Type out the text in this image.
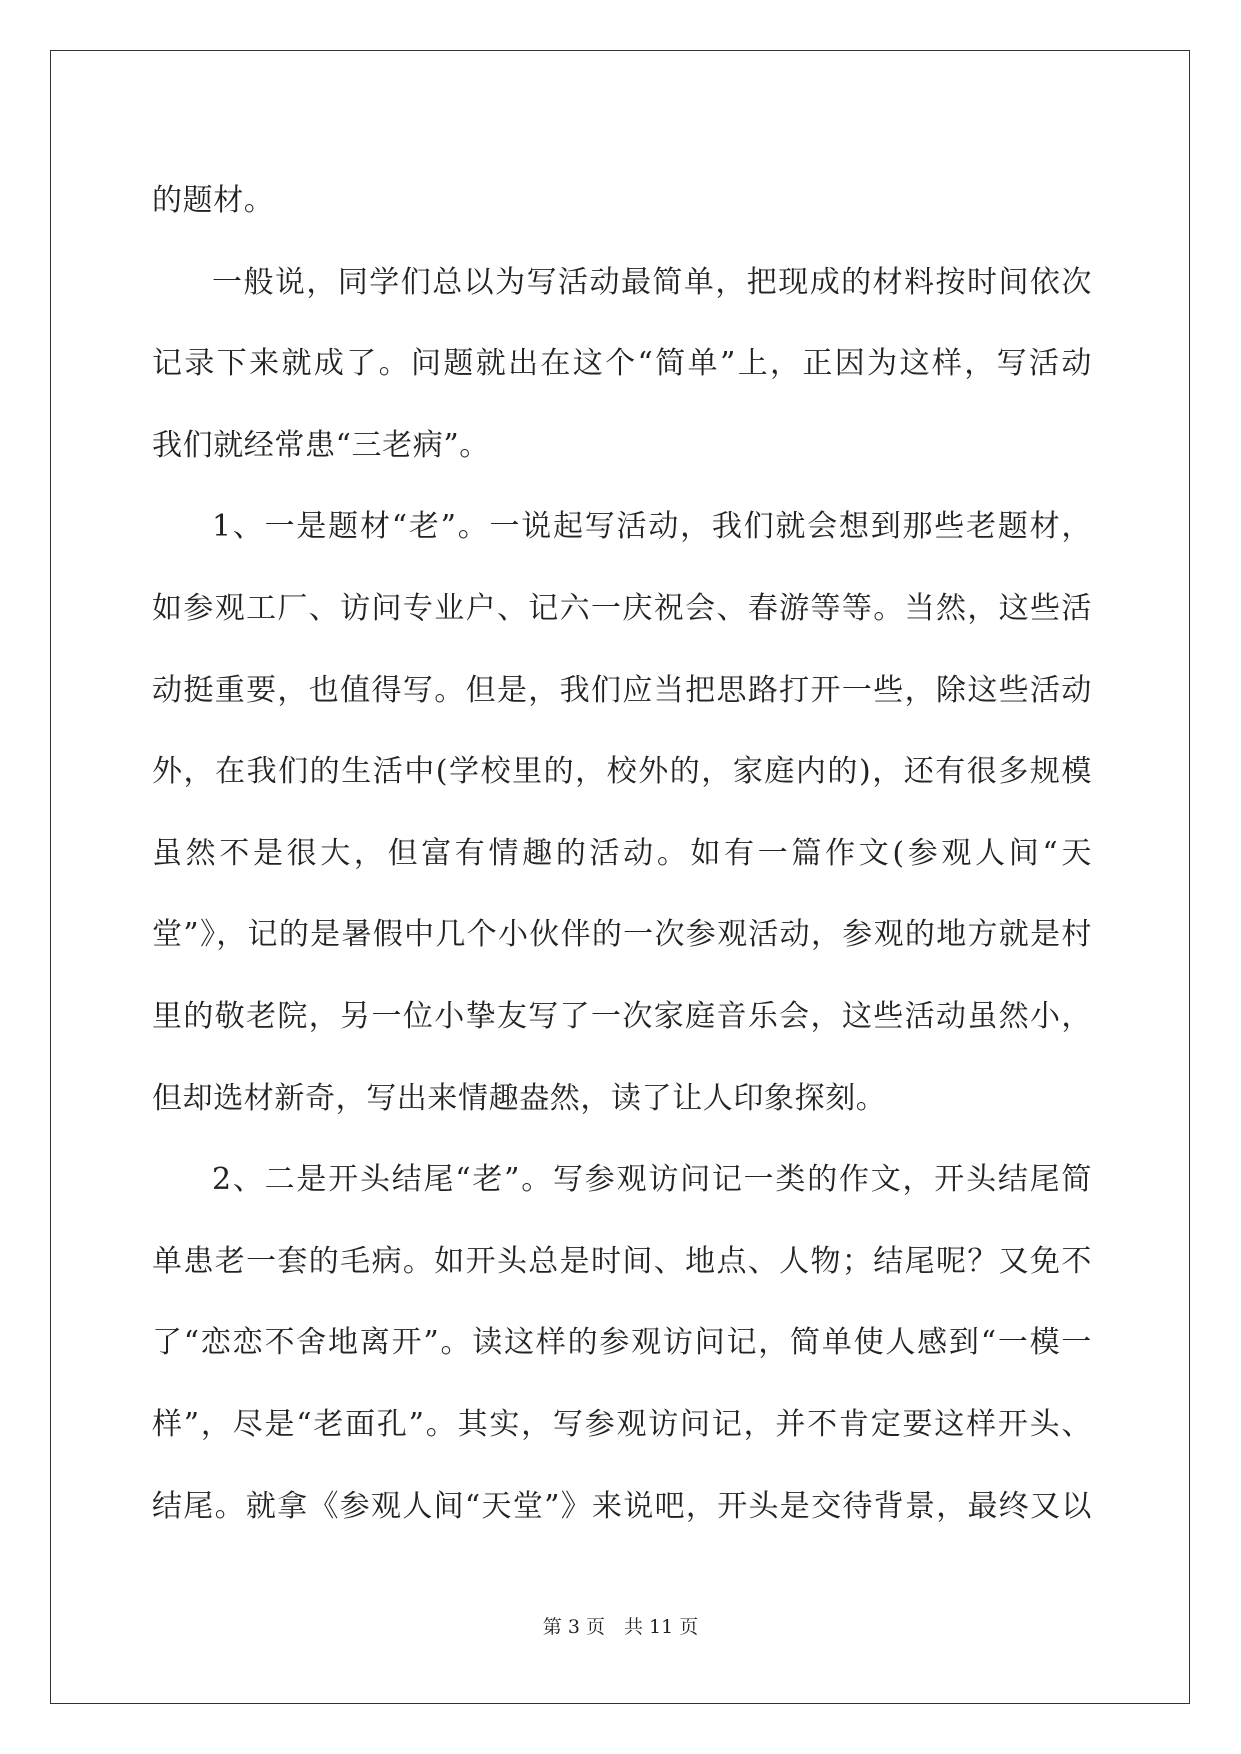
的题材。
一般说，同学们总以为写活动最简单，把现成的材料按时间依次
记录下来就成了。问题就出在这个“简单”上，正因为这样，写活动
我们就经常患“三老病”。
1、一是题材“老”。一说起写活动，我们就会想到那些老题材，
如参观工厂、访问专业户、记六一庆祝会、春游等等。当然，这些活
动挺重要，也值得写。但是，我们应当把思路打开一些，除这些活动
外，在我们的生活中(学校里的，校外的，家庭内的)，还有很多规模
虽然不是很大，但富有情趣的活动。如有一篇作文(参观人间“天
堂”》，记的是暑假中几个小伙伴的一次参观活动，参观的地方就是村
里的敬老院，另一位小挚友写了一次家庭音乐会，这些活动虽然小，
但却选材新奇，写出来情趣盎然，读了让人印象探刻。
2、二是开头结尾“老”。写参观访问记一类的作文，开头结尾简
单患老一套的毛病。如开头总是时间、地点、人物；结尾呢？又免不
了“恋恋不舍地离开”。读这样的参观访问记，简单使人感到“一模一
样”，尽是“老面孔”。其实，写参观访问记，并不肯定要这样开头、
结尾。就拿《参观人间“天堂”》来说吧，开头是交待背景，最终又以
第 3 页　共 11 页
